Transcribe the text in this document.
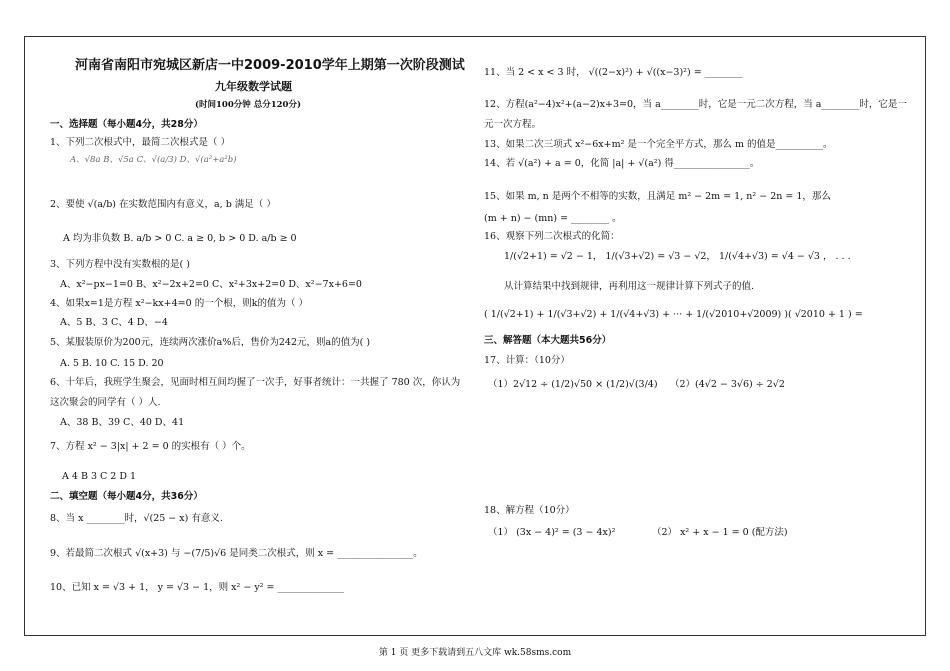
河南省南阳市宛城区新店一中2009-2010学年上期第一次阶段测试
九年级数学试题
(时间100分钟 总分120分)
一、选择题（每小题4分，共28分）
1、下列二次根式中，最简二次根式是（ ）
A、√8a B、√5a C、√(a/3) D、√(a²+a²b)
2、要使 √(a/b) 在实数范围内有意义，a, b 满足（ ）
A 均为非负数 B. a/b > 0 C. a ≥ 0, b > 0 D. a/b ≥ 0
3、下列方程中没有实数根的是( )
A、x²−px−1=0 B、x²−2x+2=0 C、x²+3x+2=0 D、x²−7x+6=0
4、如果x=1是方程 x²−kx+4=0 的一个根，则k的值为（ ）
A、5 B、3 C、4 D、−4
5、某服装原价为200元，连续两次涨价a%后，售价为242元，则a的值为( )
A. 5 B. 10 C. 15 D. 20
6、十年后，我班学生聚会，见面时相互间均握了一次手，好事者统计：一共握了 780 次，你认为
这次聚会的同学有（ ）人.
A、38 B、39 C、40 D、41
7、方程 x² − 3|x| + 2 = 0 的实根有（ ）个。
A 4 B 3 C 2 D 1
二、填空题（每小题4分，共36分）
8、当 x ________时，√(25 − x) 有意义.
9、若最简二次根式 √(x+3) 与 −(7/5)√6 是同类二次根式，则 x = ________________。
10、已知 x = √3 + 1， y = √3 − 1，则 x² − y² = ______________
11、当 2 < x < 3 时， √((2−x)²) + √((x−3)²) = ________
12、方程(a²−4)x²+(a−2)x+3=0，当 a________时，它是一元二次方程，当 a________时，它是一
元一次方程。
13、如果二次三项式 x²−6x+m² 是一个完全平方式，那么 m 的值是__________。
14、若 √(a²) + a = 0，化简 |a| + √(a²) 得________________。
15、如果 m, n 是两个不相等的实数，且满足 m² − 2m = 1, n² − 2n = 1，那么
(m + n) − (mn) = ________ 。
16、观察下列二次根式的化简：
1/(√2+1) = √2 − 1， 1/(√3+√2) = √3 − √2， 1/(√4+√3) = √4 − √3 ， . . .
从计算结果中找到规律，再利用这一规律计算下列式子的值.
( 1/(√2+1) + 1/(√3+√2) + 1/(√4+√3) + ··· + 1/(√2010+√2009) )( √2010 + 1 ) =
三、解答题（本大题共56分）
17、计算：（10分）
（1）2√12 ÷ (1/2)√50 × (1/2)√(3/4) （2）(4√2 − 3√6) ÷ 2√2
18、解方程（10分）
（1） (3x − 4)² = (3 − 4x)²	（2） x² + x − 1 = 0 (配方法)
第 1 页 更多下载请到五八文库 wk.58sms.com
